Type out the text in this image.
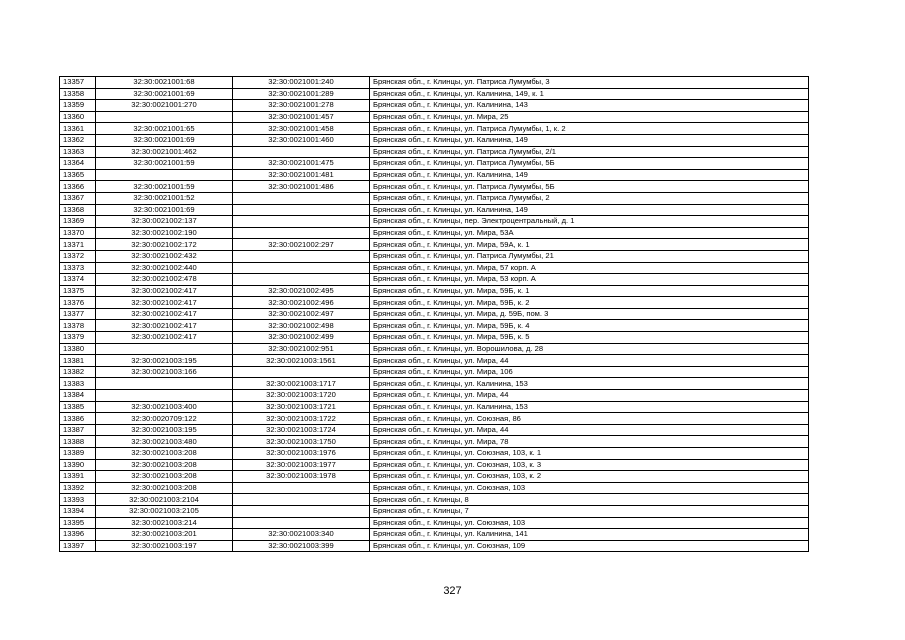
13357	32:30:0021001:68	32:30:0021001:240	Брянская обл., г. Клинцы, ул. Патриса Лумумбы, 3
13358	32:30:0021001:69	32:30:0021001:289	Брянская обл., г. Клинцы, ул. Калинина, 149, к. 1
13359	32:30:0021001:270	32:30:0021001:278	Брянская обл., г. Клинцы, ул. Калинина, 143
13360		32:30:0021001:457	Брянская обл., г. Клинцы, ул. Мира, 25
13361	32:30:0021001:65	32:30:0021001:458	Брянская обл., г. Клинцы, ул. Патриса Лумумбы, 1, к. 2
13362	32:30:0021001:69	32:30:0021001:460	Брянская обл., г. Клинцы, ул. Калинина, 149
13363	32:30:0021001:462		Брянская обл., г. Клинцы, ул. Патриса Лумумбы, 2/1
13364	32:30:0021001:59	32:30:0021001:475	Брянская обл., г. Клинцы, ул. Патриса Лумумбы, 5Б
13365		32:30:0021001:481	Брянская обл., г. Клинцы, ул. Калинина, 149
13366	32:30:0021001:59	32:30:0021001:486	Брянская обл., г. Клинцы, ул. Патриса Лумумбы, 5Б
13367	32:30:0021001:52		Брянская обл., г. Клинцы, ул. Патриса Лумумбы, 2
13368	32:30:0021001:69		Брянская обл., г. Клинцы, ул. Калинина, 149
13369	32:30:0021002:137		Брянская обл., г. Клинцы, пер. Электроцентральный, д. 1
13370	32:30:0021002:190		Брянская обл., г. Клинцы, ул. Мира, 53А
13371	32:30:0021002:172	32:30:0021002:297	Брянская обл., г. Клинцы, ул. Мира, 59А, к. 1
13372	32:30:0021002:432		Брянская обл., г. Клинцы, ул. Патриса Лумумбы, 21
13373	32:30:0021002:440		Брянская обл., г. Клинцы, ул. Мира, 57 корп. А
13374	32:30:0021002:478		Брянская обл., г. Клинцы, ул. Мира, 53 корп. А
13375	32:30:0021002:417	32:30:0021002:495	Брянская обл., г. Клинцы, ул. Мира, 59Б, к. 1
13376	32:30:0021002:417	32:30:0021002:496	Брянская обл., г. Клинцы, ул. Мира, 59Б, к. 2
13377	32:30:0021002:417	32:30:0021002:497	Брянская обл., г. Клинцы, ул. Мира, д. 59Б, пом. 3
13378	32:30:0021002:417	32:30:0021002:498	Брянская обл., г. Клинцы, ул. Мира, 59Б, к. 4
13379	32:30:0021002:417	32:30:0021002:499	Брянская обл., г. Клинцы, ул. Мира, 59Б, к. 5
13380		32:30:0021002:951	Брянская обл., г. Клинцы, ул. Ворошилова, д. 28
13381	32:30:0021003:195	32:30:0021003:1561	Брянская обл., г. Клинцы, ул. Мира, 44
13382	32:30:0021003:166		Брянская обл., г. Клинцы, ул. Мира, 106
13383		32:30:0021003:1717	Брянская обл., г. Клинцы, ул. Калинина, 153
13384		32:30:0021003:1720	Брянская обл., г. Клинцы, ул. Мира, 44
13385	32:30:0021003:400	32:30:0021003:1721	Брянская обл., г. Клинцы, ул. Калинина, 153
13386	32:30:0020709:122	32:30:0021003:1722	Брянская обл., г. Клинцы, ул. Союзная, 86
13387	32:30:0021003:195	32:30:0021003:1724	Брянская обл., г. Клинцы, ул. Мира, 44
13388	32:30:0021003:480	32:30:0021003:1750	Брянская обл., г. Клинцы, ул. Мира, 78
13389	32:30:0021003:208	32:30:0021003:1976	Брянская обл., г. Клинцы, ул. Союзная, 103, к. 1
13390	32:30:0021003:208	32:30:0021003:1977	Брянская обл., г. Клинцы, ул. Союзная, 103, к. 3
13391	32:30:0021003:208	32:30:0021003:1978	Брянская обл., г. Клинцы, ул. Союзная, 103, к. 2
13392	32:30:0021003:208		Брянская обл., г. Клинцы, ул. Союзная, 103
13393	32:30:0021003:2104		Брянская обл., г. Клинцы, 8
13394	32:30:0021003:2105		Брянская обл., г. Клинцы, 7
13395	32:30:0021003:214		Брянская обл., г. Клинцы, ул. Союзная, 103
13396	32:30:0021003:201	32:30:0021003:340	Брянская обл., г. Клинцы, ул. Калинина, 141
13397	32:30:0021003:197	32:30:0021003:399	Брянская обл., г. Клинцы, ул. Союзная, 109
327
